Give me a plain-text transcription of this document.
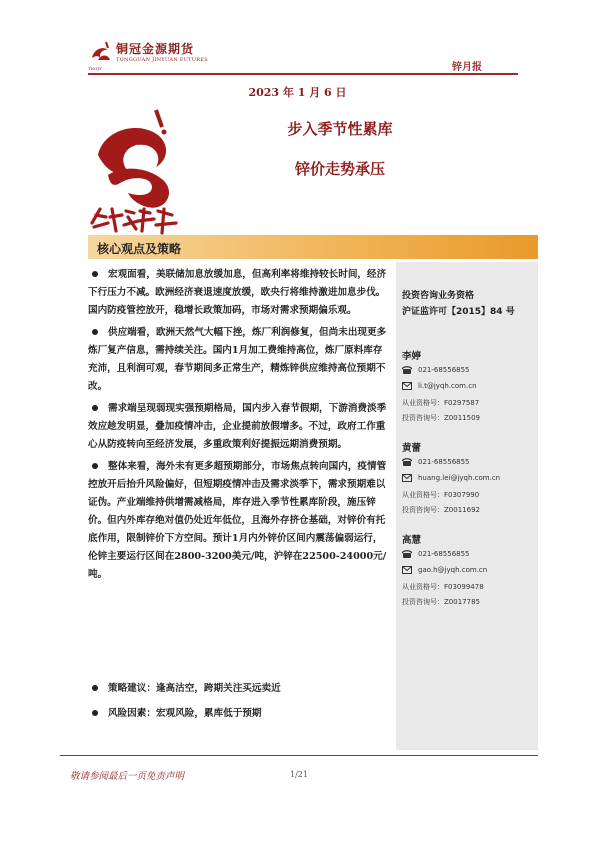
铜冠金源期货
TONGGUAN JINYUAN FUTURES
TNGJY	锌月报
2023 年 1 月 6 日
步入季节性累库
锌价走势承压
核心观点及策略
宏观面看，美联储加息放缓加息，但高利率将维持较长时间，经济下行压力不减。欧洲经济衰退速度放缓，欧央行将维持激进加息步伐。国内防疫管控放开，稳增长政策加码，市场对需求预期偏乐观。
供应端看，欧洲天然气大幅下挫，炼厂利润修复，但尚未出现更多炼厂复产信息，需持续关注。国内1月加工费维持高位，炼厂原料库存充沛，且利润可观，春节期间多正常生产，精炼锌供应维持高位预期不改。
需求端呈现弱现实强预期格局，国内步入春节假期，下游消费淡季效应趁发明显，叠加疫情冲击，企业提前放假增多。不过，政府工作重心从防疫转向至经济发展，多重政策利好提振远期消费预期。
整体来看，海外未有更多超预期部分，市场焦点转向国内，疫情管控放开后抬升风险偏好，但短期疫情冲击及需求淡季下，需求预期难以证伪。产业端维持供增需减格局，库存进入季节性累库阶段，施压锌价。但内外库存绝对值仍处近年低位，且海外存挤仓基础，对锌价有托底作用，限制锌价下方空间。预计1月内外锌价区间内震荡偏弱运行，伦锌主要运行区间在2800-3200美元/吨，沪锌在22500-24000元/吨。
策略建议：逢高沽空，跨期关注买远卖近
风险因素：宏观风险，累库低于预期
投资咨询业务资格
沪证监许可【2015】84 号
李婷
021-68556855
li.t@jyqh.com.cn
从业资格号：F0297587
投资咨询号：Z0011509
黄蕾
021-68556855
huang.lei@jyqh.com.cn
从业资格号：F0307990
投资咨询号：Z0011692
高慧
021-68556855
gao.h@jyqh.com.cn
从业资格号：F03099478
投资咨询号：Z0017785
敬请参阅最后一页免责声明	1/21
